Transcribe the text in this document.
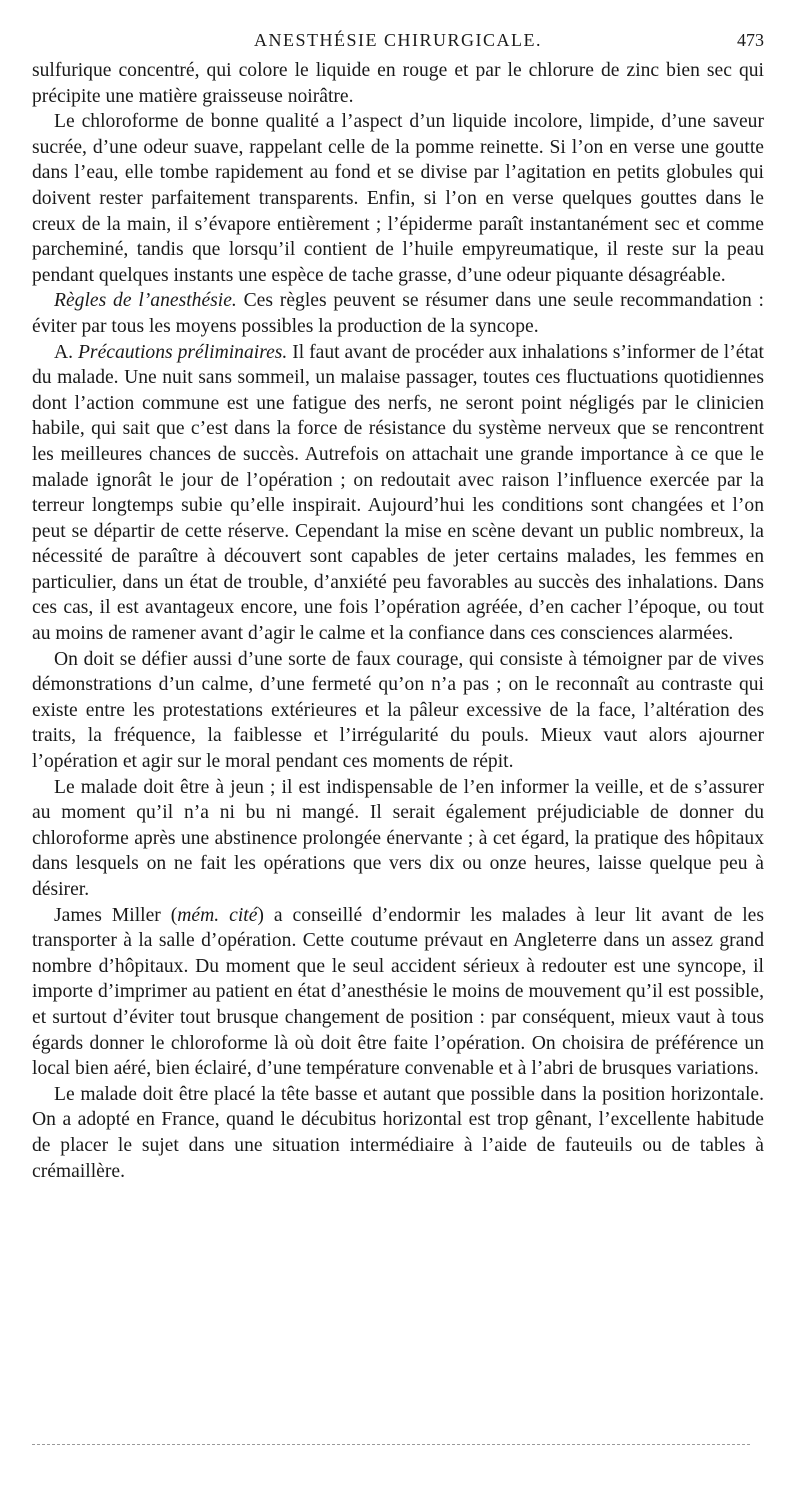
ANESTHÉSIE CHIRURGICALE.	473

sulfurique concentré, qui colore le liquide en rouge et par le chlorure de zinc bien sec qui précipite une matière graisseuse noirâtre.

Le chloroforme de bonne qualité a l’aspect d’un liquide incolore, limpide, d’une saveur sucrée, d’une odeur suave, rappelant celle de la pomme reinette. Si l’on en verse une goutte dans l’eau, elle tombe rapidement au fond et se divise par l’agitation en petits globules qui doivent rester parfaitement transparents. Enfin, si l’on en verse quelques gouttes dans le creux de la main, il s’évapore entièrement ; l’épiderme paraît instantanément sec et comme parcheminé, tandis que lorsqu’il contient de l’huile empyreumatique, il reste sur la peau pendant quelques instants une espèce de tache grasse, d’une odeur piquante désagréable.

Règles de l’anesthésie. Ces règles peuvent se résumer dans une seule recommandation : éviter par tous les moyens possibles la production de la syncope.

A. Précautions préliminaires. Il faut avant de procéder aux inhalations s’informer de l’état du malade. Une nuit sans sommeil, un malaise passager, toutes ces fluctuations quotidiennes dont l’action commune est une fatigue des nerfs, ne seront point négligés par le clinicien habile, qui sait que c’est dans la force de résistance du système nerveux que se rencontrent les meilleures chances de succès. Autrefois on attachait une grande importance à ce que le malade ignorât le jour de l’opération ; on redoutait avec raison l’influence exercée par la terreur longtemps subie qu’elle inspirait. Aujourd’hui les conditions sont changées et l’on peut se départir de cette réserve. Cependant la mise en scène devant un public nombreux, la nécessité de paraître à découvert sont capables de jeter certains malades, les femmes en particulier, dans un état de trouble, d’anxiété peu favorables au succès des inhalations. Dans ces cas, il est avantageux encore, une fois l’opération agréée, d’en cacher l’époque, ou tout au moins de ramener avant d’agir le calme et la confiance dans ces consciences alarmées.

On doit se défier aussi d’une sorte de faux courage, qui consiste à témoigner par de vives démonstrations d’un calme, d’une fermeté qu’on n’a pas ; on le reconnaît au contraste qui existe entre les protestations extérieures et la pâleur excessive de la face, l’altération des traits, la fréquence, la faiblesse et l’irrégularité du pouls. Mieux vaut alors ajourner l’opération et agir sur le moral pendant ces moments de répit.

Le malade doit être à jeun ; il est indispensable de l’en informer la veille, et de s’assurer au moment qu’il n’a ni bu ni mangé. Il serait également préjudiciable de donner du chloroforme après une abstinence prolongée énervante ; à cet égard, la pratique des hôpitaux dans lesquels on ne fait les opérations que vers dix ou onze heures, laisse quelque peu à désirer.

James Miller (mém. cité) a conseillé d’endormir les malades à leur lit avant de les transporter à la salle d’opération. Cette coutume prévaut en Angleterre dans un assez grand nombre d’hôpitaux. Du moment que le seul accident sérieux à redouter est une syncope, il importe d’imprimer au patient en état d’anesthésie le moins de mouvement qu’il est possible, et surtout d’éviter tout brusque changement de position : par conséquent, mieux vaut à tous égards donner le chloroforme là où doit être faite l’opération. On choisira de préférence un local bien aéré, bien éclairé, d’une température convenable et à l’abri de brusques variations.

Le malade doit être placé la tête basse et autant que possible dans la position horizontale. On a adopté en France, quand le décubitus horizontal est trop gênant, l’excellente habitude de placer le sujet dans une situation intermédiaire à l’aide de fauteuils ou de tables à crémaillère.
